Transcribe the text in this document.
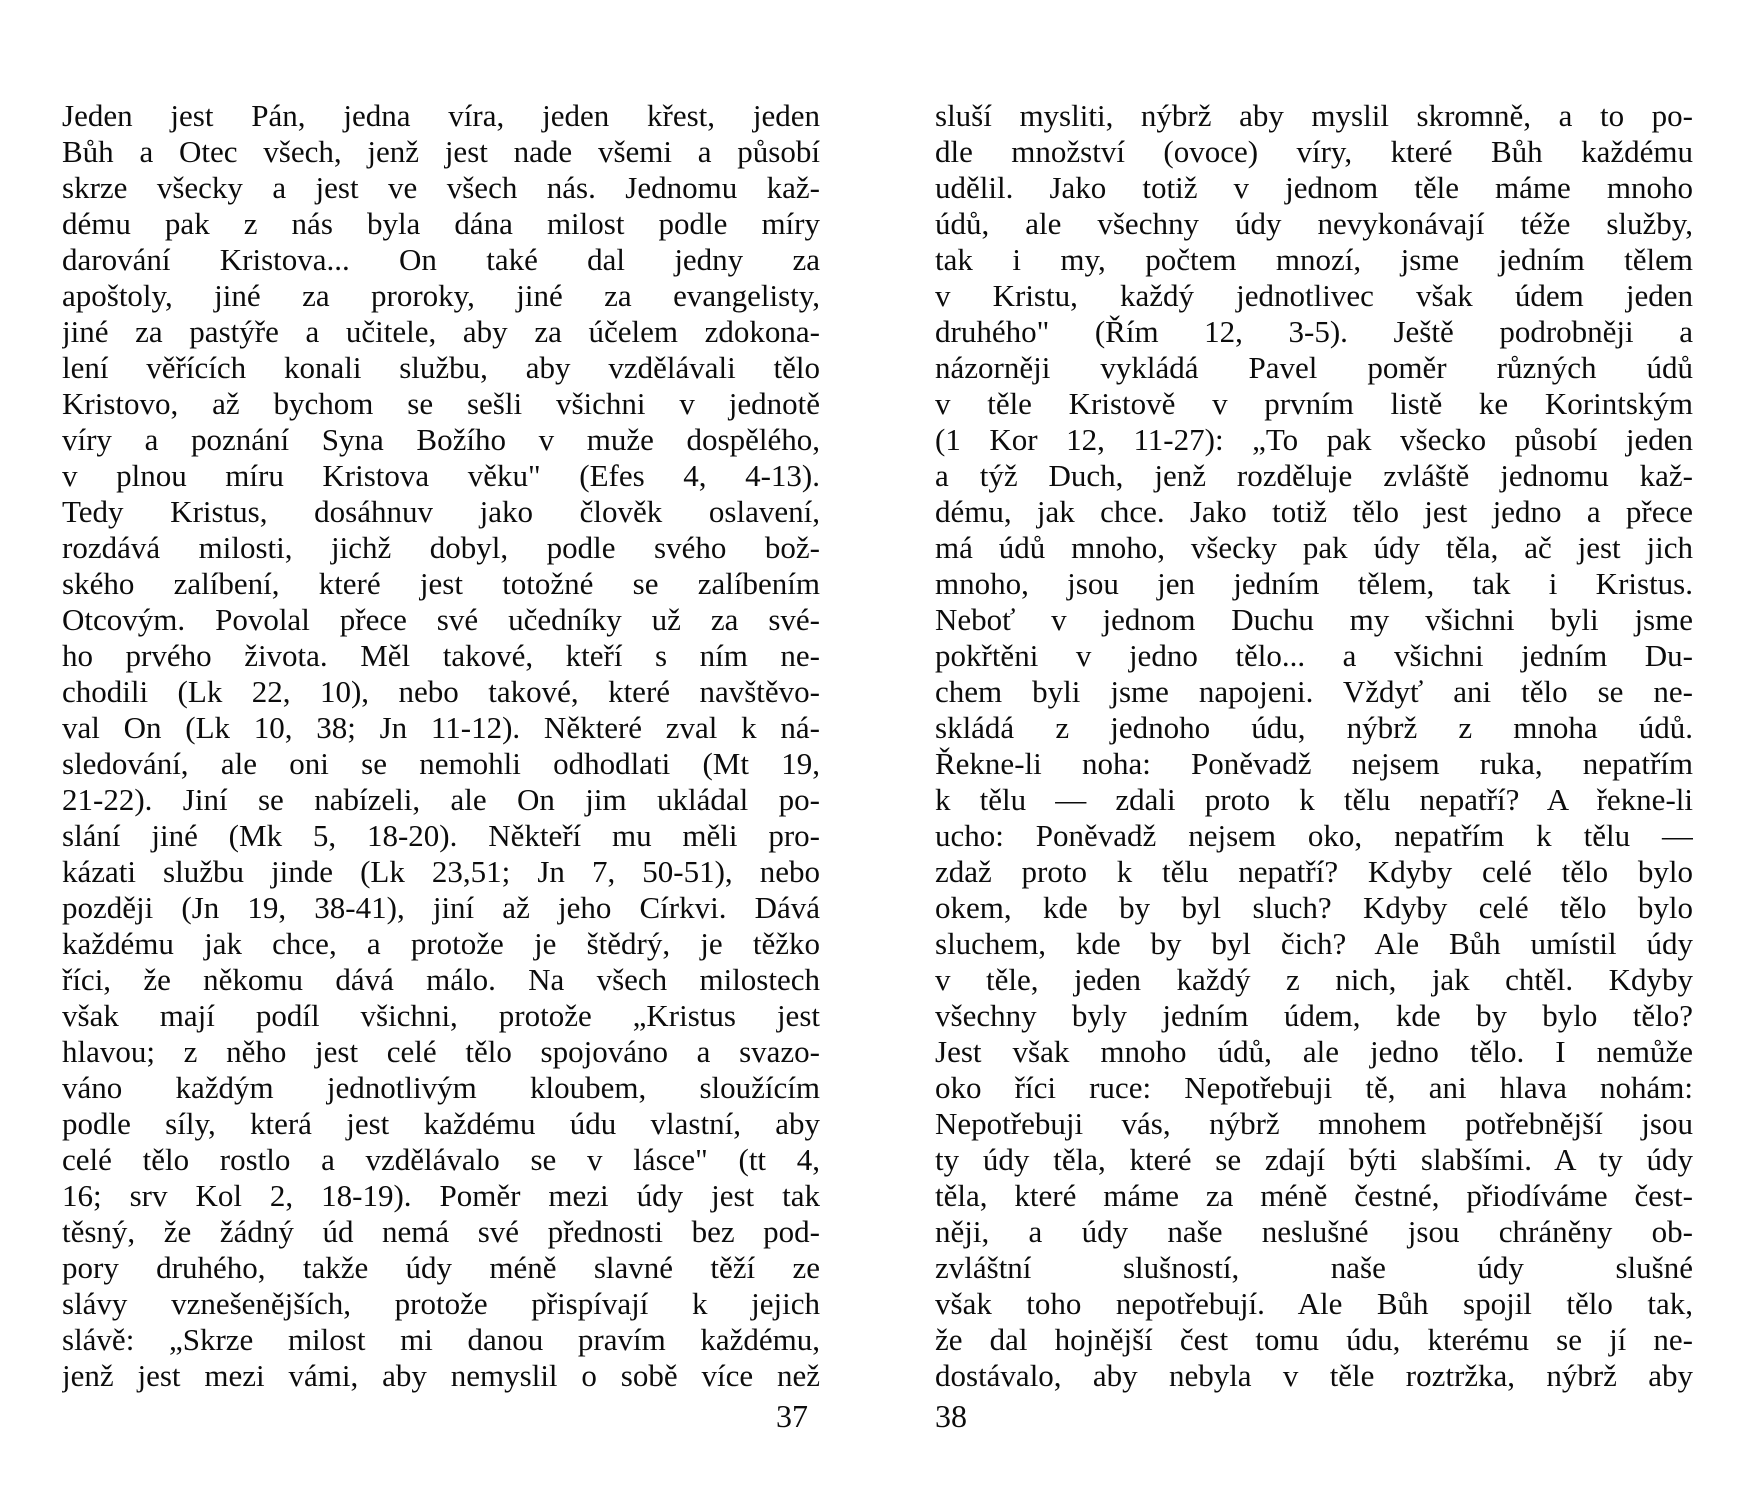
Jeden jest Pán, jedna víra, jeden křest, jeden
Bůh a Otec všech, jenž jest nade všemi a působí
skrze všecky a jest ve všech nás. Jednomu kaž-
dému pak z nás byla dána milost podle míry
darování Kristova... On také dal jedny za
apoštoly, jiné za proroky, jiné za evangelisty,
jiné za pastýře a učitele, aby za účelem zdokona-
lení věřících konali službu, aby vzdělávali tělo
Kristovo, až bychom se sešli všichni v jednotě
víry a poznání Syna Božího v muže dospělého,
v plnou míru Kristova věku" (Efes 4, 4-13).
Tedy Kristus, dosáhnuv jako člověk oslavení,
rozdává milosti, jichž dobyl, podle svého bož-
ského zalíbení, které jest totožné se zalíbením
Otcovým. Povolal přece své učedníky už za své-
ho prvého života. Měl takové, kteří s ním ne-
chodili (Lk 22, 10), nebo takové, které navštěvo-
val On (Lk 10, 38; Jn 11-12). Některé zval k ná-
sledování, ale oni se nemohli odhodlati (Mt 19,
21-22). Jiní se nabízeli, ale On jim ukládal po-
slání jiné (Mk 5, 18-20). Někteří mu měli pro-
kázati službu jinde (Lk 23,51; Jn 7, 50-51), nebo
později (Jn 19, 38-41), jiní až jeho Církvi. Dává
každému jak chce, a protože je štědrý, je těžko
říci, že někomu dává málo. Na všech milostech
však mají podíl všichni, protože „Kristus jest
hlavou; z něho jest celé tělo spojováno a svazo-
váno každým jednotlivým kloubem, sloužícím
podle síly, která jest každému údu vlastní, aby
celé tělo rostlo a vzdělávalo se v lásce" (tt 4,
16; srv Kol 2, 18-19). Poměr mezi údy jest tak
těsný, že žádný úd nemá své přednosti bez pod-
pory druhého, takže údy méně slavné těží ze
slávy vznešenějších, protože přispívají k jejich
slávě: „Skrze milost mi danou pravím každému,
jenž jest mezi vámi, aby nemyslil o sobě více než
37
sluší mysliti, nýbrž aby myslil skromně, a to po-
dle množství (ovoce) víry, které Bůh každému
udělil. Jako totiž v jednom těle máme mnoho
údů, ale všechny údy nevykonávají téže služby,
tak i my, počtem mnozí, jsme jedním tělem
v Kristu, každý jednotlivec však údem jeden
druhého" (Řím 12, 3-5). Ještě podrobněji a
názorněji vykládá Pavel poměr různých údů
v těle Kristově v prvním listě ke Korintským
(1 Kor 12, 11-27): „To pak všecko působí jeden
a týž Duch, jenž rozděluje zvláště jednomu kaž-
dému, jak chce. Jako totiž tělo jest jedno a přece
má údů mnoho, všecky pak údy těla, ač jest jich
mnoho, jsou jen jedním tělem, tak i Kristus.
Neboť v jednom Duchu my všichni byli jsme
pokřtěni v jedno tělo... a všichni jedním Du-
chem byli jsme napojeni. Vždyť ani tělo se ne-
skládá z jednoho údu, nýbrž z mnoha údů.
Řekne-li noha: Poněvadž nejsem ruka, nepatřím
k tělu — zdali proto k tělu nepatří? A řekne-li
ucho: Poněvadž nejsem oko, nepatřím k tělu —
zdaž proto k tělu nepatří? Kdyby celé tělo bylo
okem, kde by byl sluch? Kdyby celé tělo bylo
sluchem, kde by byl čich? Ale Bůh umístil údy
v těle, jeden každý z nich, jak chtěl. Kdyby
všechny byly jedním údem, kde by bylo tělo?
Jest však mnoho údů, ale jedno tělo. I nemůže
oko říci ruce: Nepotřebuji tě, ani hlava nohám:
Nepotřebuji vás, nýbrž mnohem potřebnější jsou
ty údy těla, které se zdají býti slabšími. A ty údy
těla, které máme za méně čestné, přiodíváme čest-
něji, a údy naše neslušné jsou chráněny ob-
zvláštní slušností, naše údy slušné
však toho nepotřebují. Ale Bůh spojil tělo tak,
že dal hojnější čest tomu údu, kterému se jí ne-
dostávalo, aby nebyla v těle roztržka, nýbrž aby
38
